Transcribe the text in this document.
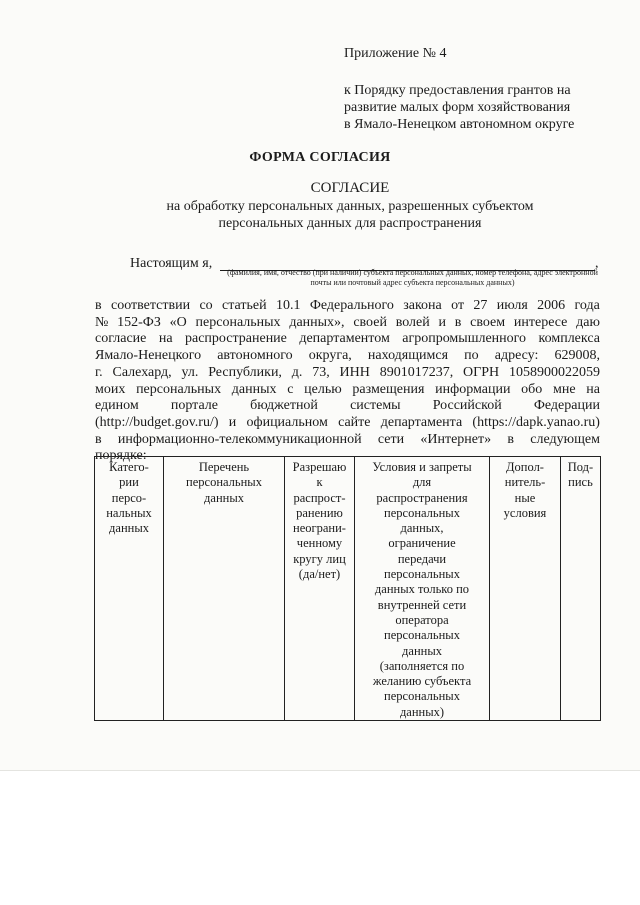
Приложение № 4
к Порядку предоставления грантов на
развитие малых форм хозяйствования
в Ямало-Ненецком автономном округе
ФОРМА СОГЛАСИЯ
СОГЛАСИЕ
на обработку персональных данных, разрешенных субъектом
персональных данных для распространения
Настоящим я,	,
(фамилия, имя, отчество (при наличии) субъекта персональных данных, номер телефона, адрес электронной почты или почтовый адрес субъекта персональных данных)
в соответствии со статьей 10.1 Федерального закона от 27 июля 2006 года
№ 152-ФЗ «О персональных данных», своей волей и в своем интересе даю
согласие на распространение департаментом агропромышленного комплекса
Ямало-Ненецкого автономного округа, находящимся по адресу: 629008,
г. Салехард, ул. Республики, д. 73, ИНН 8901017237, ОГРН 1058900022059
моих персональных данных с целью размещения информации обо мне на
едином портале бюджетной системы Российской Федерации
(http://budget.gov.ru/) и официальном сайте департамента (https://dapk.yanao.ru)
в информационно-телекоммуникационной сети «Интернет» в следующем
порядке:
Катего-
рии
персо-
нальных
данных	Перечень
персональных
данных	Разрешаю
к
распрост-
ранению
неограни-
ченному
кругу лиц
(да/нет)	Условия и запреты
для
распространения
персональных
данных,
ограничение
передачи
персональных
данных только по
внутренней сети
оператора
персональных
данных
(заполняется по
желанию субъекта
персональных
данных)	Допол-
нитель-
ные
условия	Под-
пись
